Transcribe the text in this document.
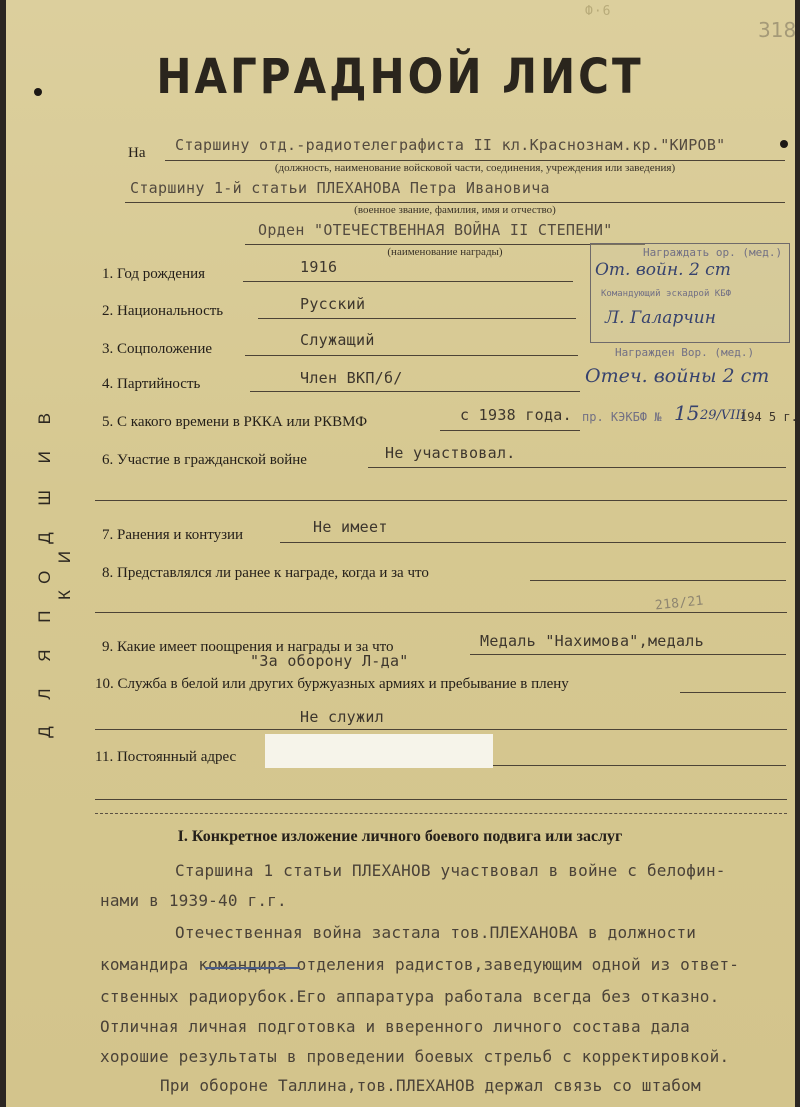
Ф·6
318
НАГРАДНОЙ ЛИСТ
Д Л Я П О Д Ш И В К И
На Старшину отд.-радиотелеграфиста II кл.Краснознам.кр."КИРОВ"
(должность, наименование войсковой части, соединения, учреждения или заведения)
Старшину 1-й статьи ПЛЕХАНОВА Петра Ивановича
(военное звание, фамилия, имя и отчество)
Орден "ОТЕЧЕСТВЕННАЯ ВОЙНА II СТЕПЕНИ"
(наименование награды)
1. Год рождения	1916
2. Национальность	Русский
3. Соцположение	Служащий
4. Партийность	Член ВКП/б/
5. С какого времени в РККА или РКВМФ	с 1938 года.
6. Участие в гражданской войне	Не участвовал.
7. Ранения и контузии	Не имеет
8. Представлялся ли ранее к награде, когда и за что
218/21
9. Какие имеет поощрения и награды и за что	Медаль "Нахимова",медаль
"За оборону Л-да"
10. Служба в белой или других буржуазных армиях и пребывание в плену
Не служил
11. Постоянный адрес
Награждать ор. (мед.)
От. войн. 2 ст
Командующий эскадрой КБФ
Л. Галарчин
Награжден Вор. (мед.)
Отеч. войны 2 ст
пр. КЭКБФ № 15 29/VIII
194 5 г.
I. Конкретное изложение личного боевого подвига или заслуг
Старшина 1 статьи ПЛЕХАНОВ участвовал в войне с белофин-
нами в 1939-40 г.г.
Отечественная война застала тов.ПЛЕХАНОВА в должности
командира командира отделения радистов,заведующим одной из ответ-
ственных радиорубок.Его аппаратура работала всегда без отказно.
Отличная личная подготовка и вверенного личного состава дала
хорошие результаты в проведении боевых стрельб с корректировкой.
При обороне Таллина,тов.ПЛЕХАНОВ держал связь со штабом
